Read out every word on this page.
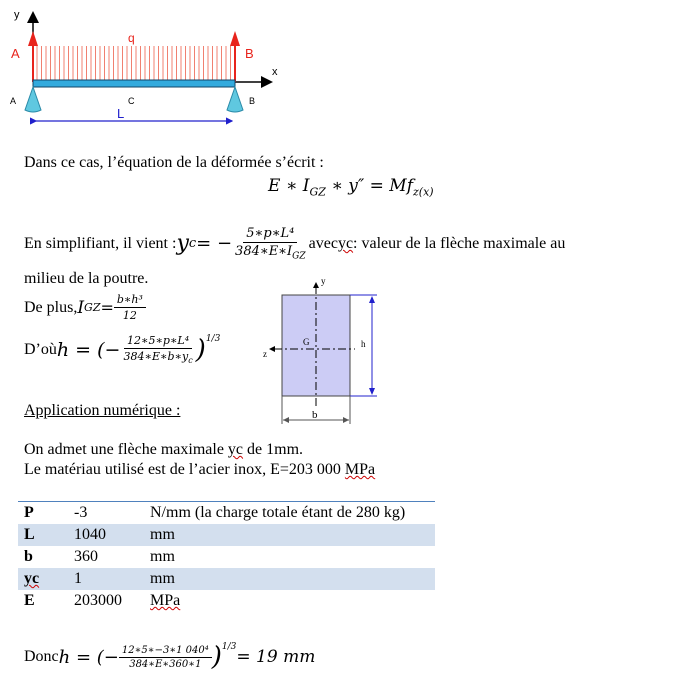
y
x
A	B
q
A	B
C
L
Dans ce cas, l’équation de la déformée s’écrit :
E ∗ $I_{GZ}$ ∗ $y'' = Mf_{z(x)}$
En simplifiant, il vient : y c = − $\frac{\text{5∗p∗L⁴}}{384∗E∗I_{GZ}}$ avec yc : valeur de la flèche maximale au
milieu de la poutre.
De plus, I GZ = $\frac{\text{b∗h³}}{12}$
D’où h = (− $\frac{\text{12∗5∗p∗L⁴}}{384∗E∗b∗y_c} )^{1/3}$
Application numérique :
On admet une flèche maximale yc de 1mm.
Le matériau utilisé est de l’acier inox, E=203 000 MPa
y
z
G	h
b
P	-3	N/mm (la charge totale étant de 280 kg)
L	1040	mm
b	360	mm
yc	1	mm
E	203000	MPa
Donc h = (− $\frac{\text{12∗5∗−3∗1 040⁴}}{384∗E∗360∗1} )^{1/3} = 19$ mm
